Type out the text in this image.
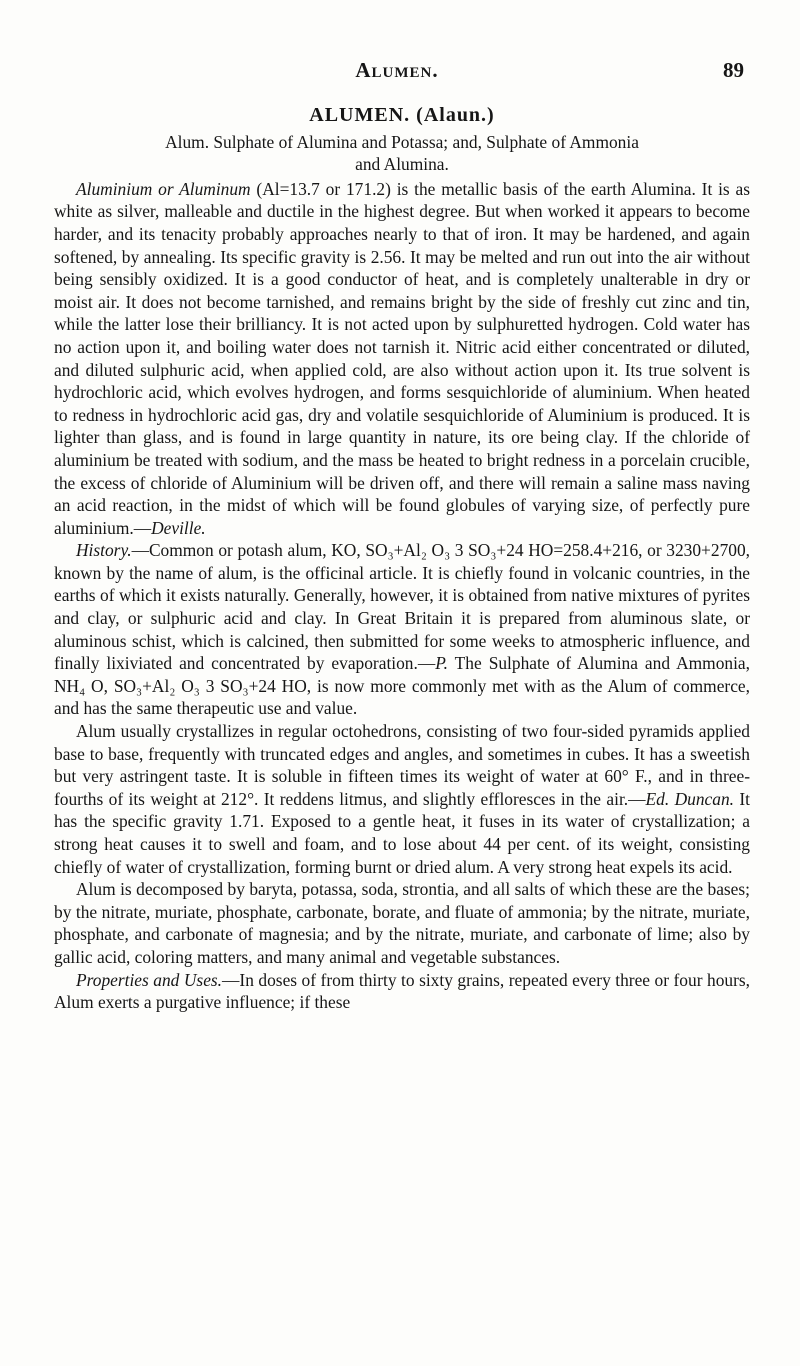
Alumen.	89
ALUMEN. (Alaun.)

Alum. Sulphate of Alumina and Potassa; and, Sulphate of Ammonia
and Alumina.

Aluminium or Aluminum (Al=13.7 or 171.2) is the metallic basis of the earth Alumina. It is as white as silver, malleable and ductile in the highest degree. But when worked it appears to become harder, and its tenacity probably approaches nearly to that of iron. It may be hardened, and again softened, by annealing. Its specific gravity is 2.56. It may be melted and run out into the air without being sensibly oxidized. It is a good conductor of heat, and is completely unalterable in dry or moist air. It does not become tarnished, and remains bright by the side of freshly cut zinc and tin, while the latter lose their brilliancy. It is not acted upon by sulphuretted hydrogen. Cold water has no action upon it, and boiling water does not tarnish it. Nitric acid either concentrated or diluted, and diluted sulphuric acid, when applied cold, are also without action upon it. Its true solvent is hydrochloric acid, which evolves hydrogen, and forms sesquichloride of aluminium. When heated to redness in hydrochloric acid gas, dry and volatile sesquichloride of Aluminium is produced. It is lighter than glass, and is found in large quantity in nature, its ore being clay. If the chloride of aluminium be treated with sodium, and the mass be heated to bright redness in a porcelain crucible, the excess of chloride of Aluminium will be driven off, and there will remain a saline mass naving an acid reaction, in the midst of which will be found globules of varying size, of perfectly pure aluminium.—Deville.

History.—Common or potash alum, KO, SO₃+Al₂ O₃ 3 SO₃+24 HO=258.4+216, or 3230+2700, known by the name of alum, is the officinal article. It is chiefly found in volcanic countries, in the earths of which it exists naturally. Generally, however, it is obtained from native mixtures of pyrites and clay, or sulphuric acid and clay. In Great Britain it is prepared from aluminous slate, or aluminous schist, which is calcined, then submitted for some weeks to atmospheric influence, and finally lixiviated and concentrated by evaporation.—P. The Sulphate of Alumina and Ammonia, NH₄ O, SO₃+Al₂ O₃ 3 SO₃+24 HO, is now more commonly met with as the Alum of commerce, and has the same therapeutic use and value.

Alum usually crystallizes in regular octohedrons, consisting of two four-sided pyramids applied base to base, frequently with truncated edges and angles, and sometimes in cubes. It has a sweetish but very astringent taste. It is soluble in fifteen times its weight of water at 60° F., and in three-fourths of its weight at 212°. It reddens litmus, and slightly effloresces in the air.—Ed. Duncan. It has the specific gravity 1.71. Exposed to a gentle heat, it fuses in its water of crystallization; a strong heat causes it to swell and foam, and to lose about 44 per cent. of its weight, consisting chiefly of water of crystallization, forming burnt or dried alum. A very strong heat expels its acid.

Alum is decomposed by baryta, potassa, soda, strontia, and all salts of which these are the bases; by the nitrate, muriate, phosphate, carbonate, borate, and fluate of ammonia; by the nitrate, muriate, phosphate, and carbonate of magnesia; and by the nitrate, muriate, and carbonate of lime; also by gallic acid, coloring matters, and many animal and vegetable substances.

Properties and Uses.—In doses of from thirty to sixty grains, repeated every three or four hours, Alum exerts a purgative influence; if these
